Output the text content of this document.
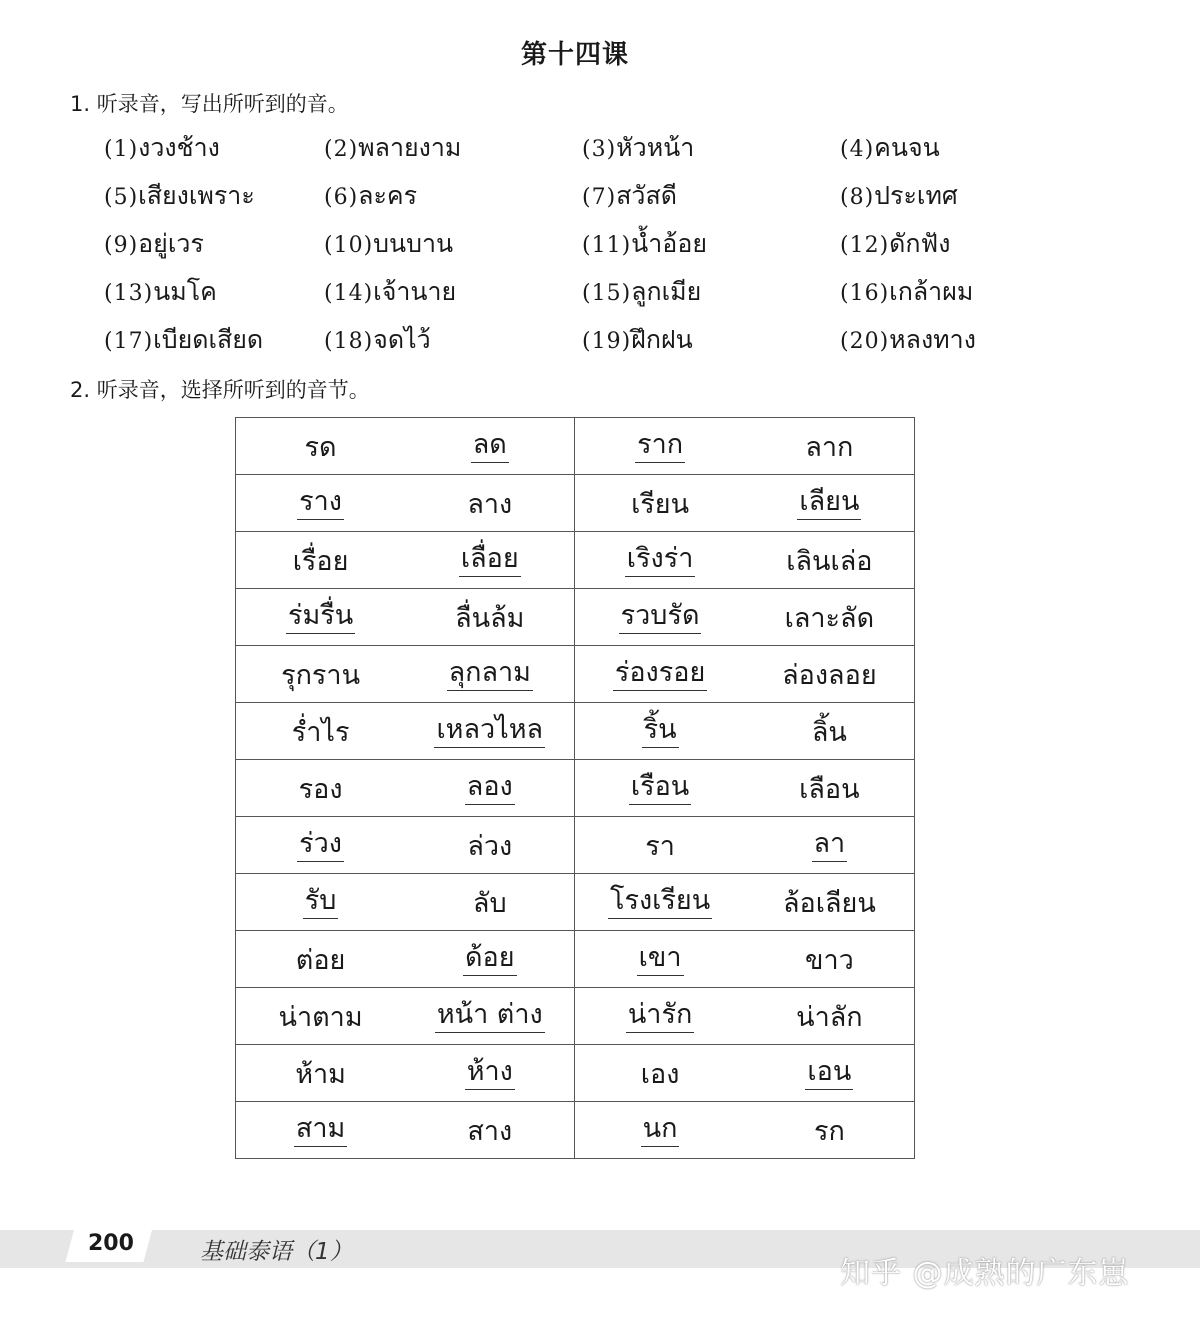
第十四课
1. 听录音，写出所听到的音。
(1)งวงช้าง	(2)พลายงาม	(3)หัวหน้า	(4)คนจน
(5)เสียงเพราะ	(6)ละคร	(7)สวัสดี	(8)ประเทศ
(9)อยู่เวร	(10)บนบาน	(11)น้ำอ้อย	(12)ดักฟัง
(13)นมโค	(14)เจ้านาย	(15)ลูกเมีย	(16)เกล้าผม
(17)เบียดเสียด	(18)จดไว้	(19)ฝึกฝน	(20)หลงทาง
2. 听录音，选择所听到的音节。
รด	ลด	ราก	ลาก
ราง	ลาง	เรียน	เลียน
เรื่อย	เลื่อย	เริงร่า	เลินเล่อ
ร่มรื่น	ลื่นล้ม	รวบรัด	เลาะลัด
รุกราน	ลุกลาม	ร่องรอย	ล่องลอย
ร่ำไร	เหลวไหล	ริ้น	ลิ้น
รอง	ลอง	เรือน	เลือน
ร่วง	ล่วง	รา	ลา
รับ	ลับ	โรงเรียน	ล้อเลียน
ต่อย	ด้อย	เขา	ขาว
น่าตาม	หน้า ต่าง	น่ารัก	น่าลัก
ห้าม	ห้าง	เอง	เอน
สาม	สาง	นก	รก
200	基础泰语（1）
知乎 @成熟的广东崽
